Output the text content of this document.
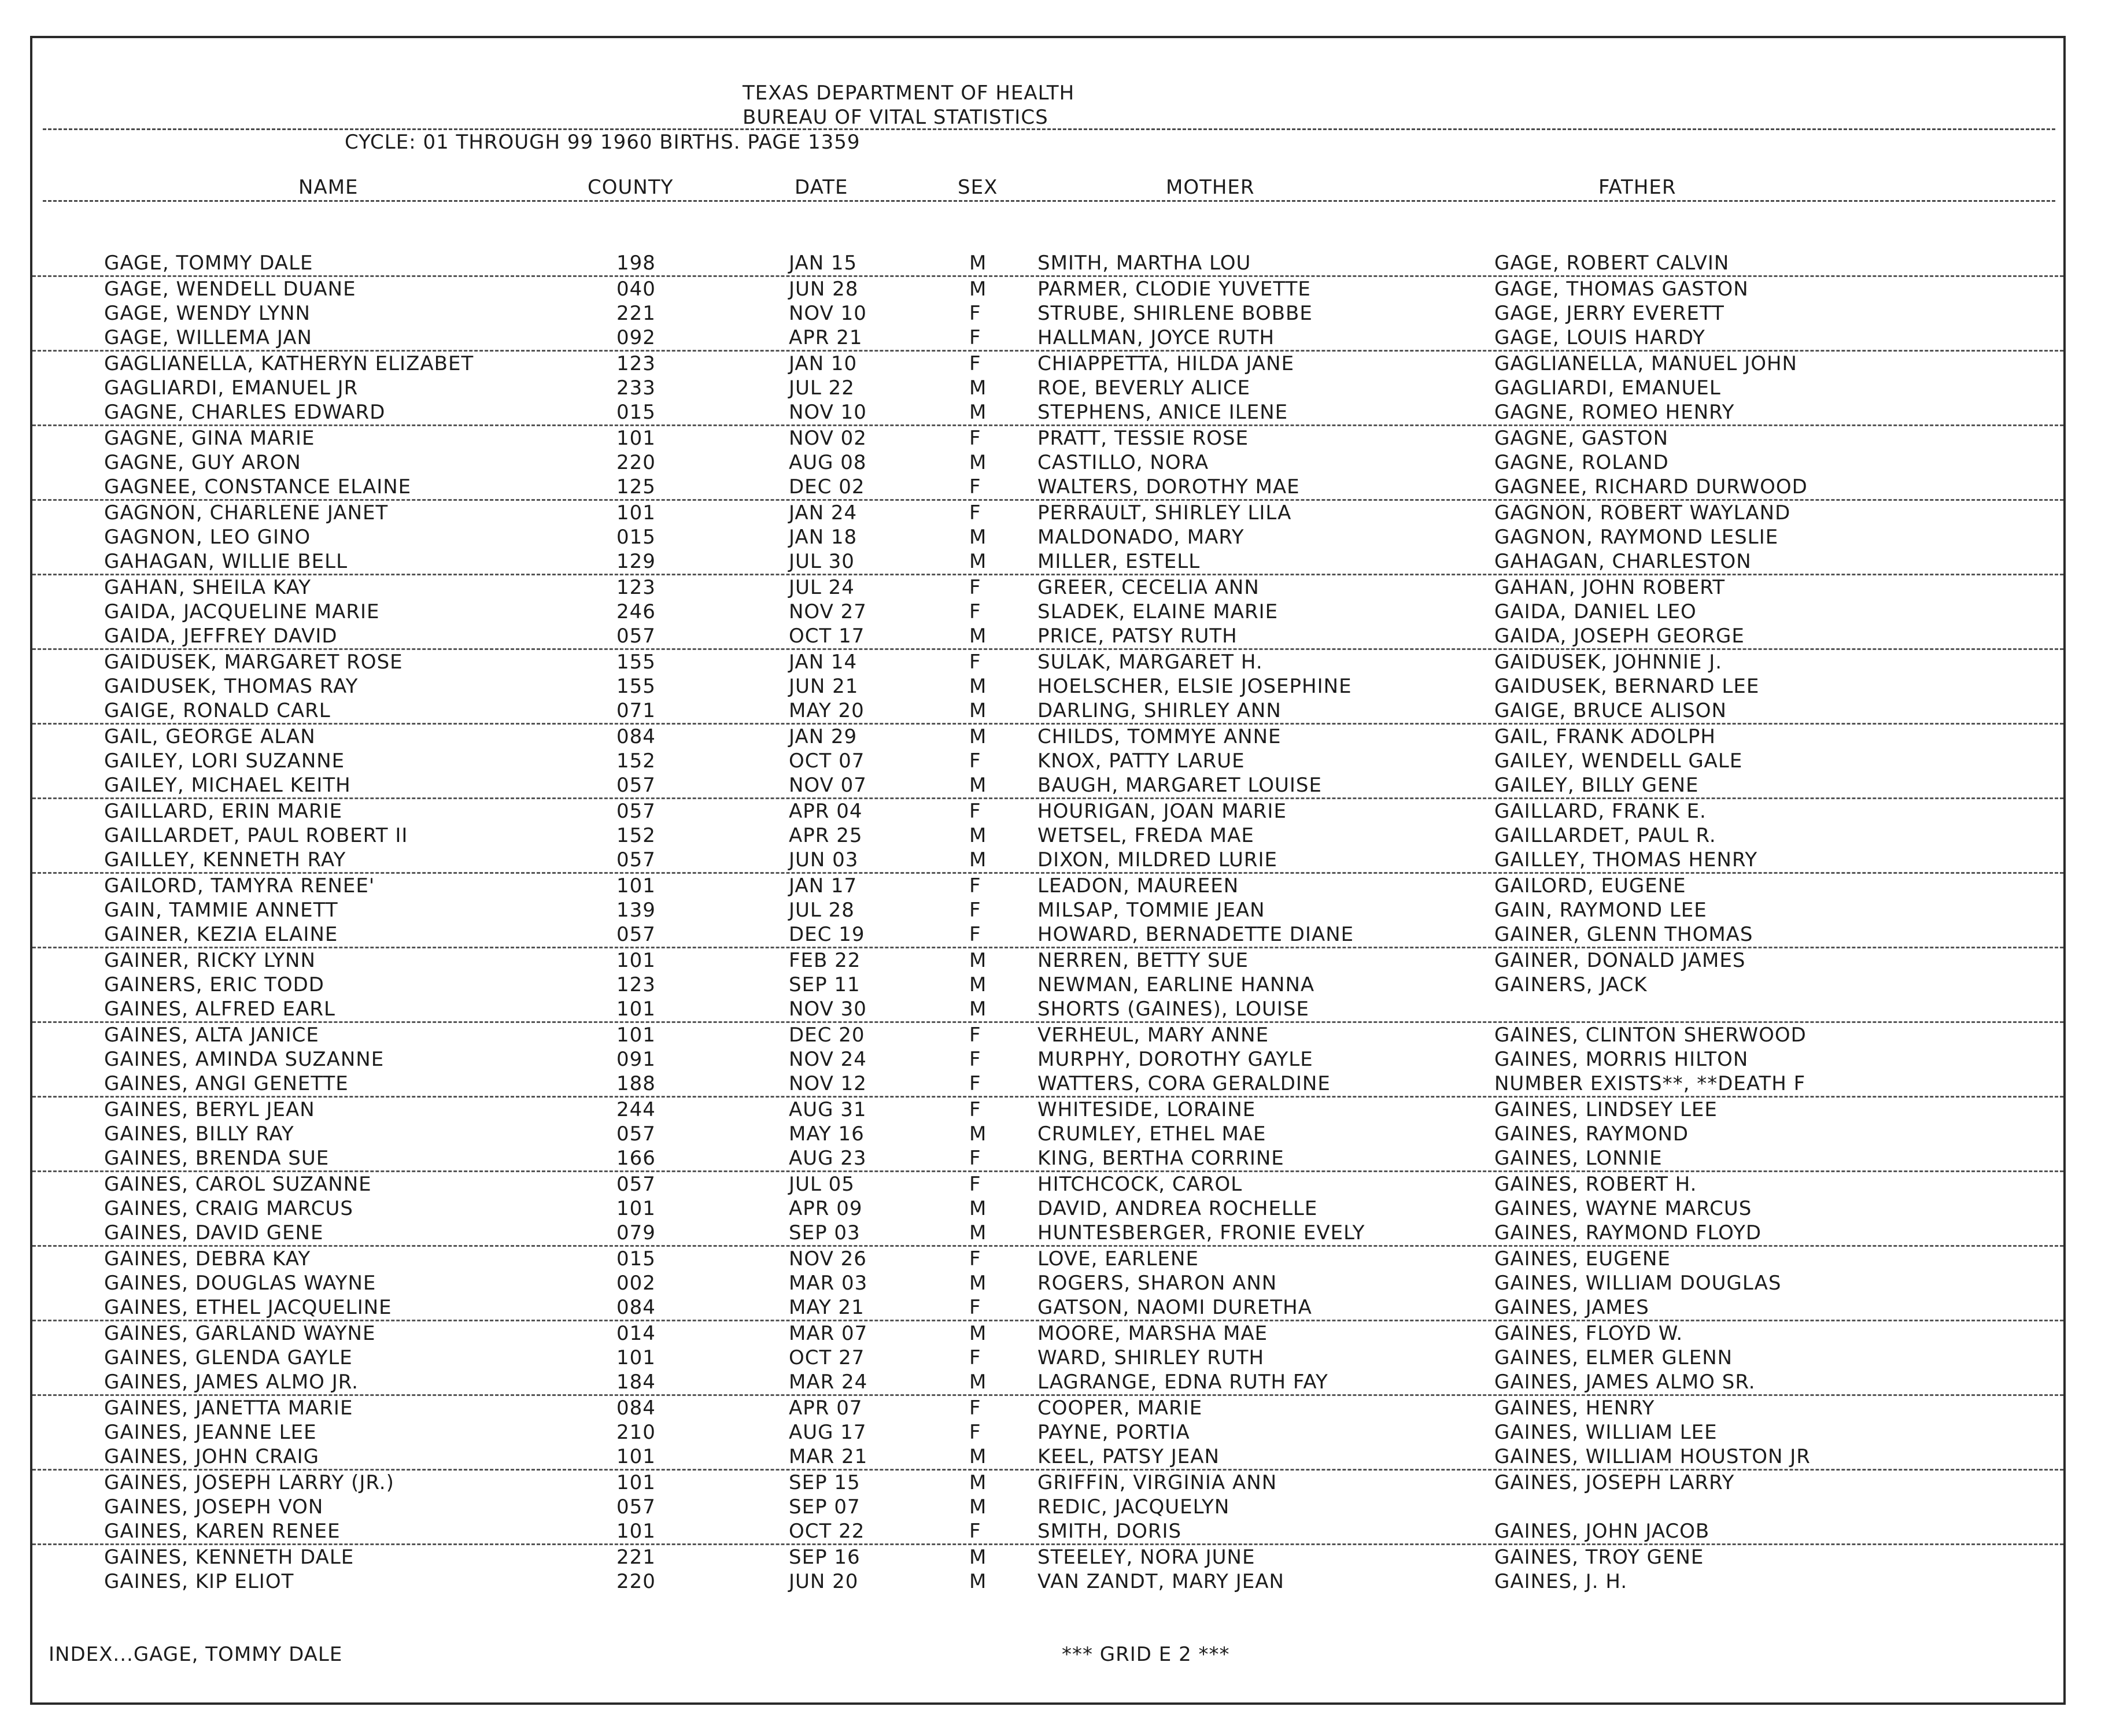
TEXAS DEPARTMENT OF HEALTH
BUREAU OF VITAL STATISTICS
CYCLE: 01 THROUGH 99 1960 BIRTHS. PAGE 1359
NAME	COUNTY	DATE	SEX	MOTHER	FATHER
GAGE, TOMMY DALE	198	JAN 15	M	SMITH, MARTHA LOU	GAGE, ROBERT CALVIN
GAGE, WENDELL DUANE	040	JUN 28	M	PARMER, CLODIE YUVETTE	GAGE, THOMAS GASTON
GAGE, WENDY LYNN	221	NOV 10	F	STRUBE, SHIRLENE BOBBE	GAGE, JERRY EVERETT
GAGE, WILLEMA JAN	092	APR 21	F	HALLMAN, JOYCE RUTH	GAGE, LOUIS HARDY
GAGLIANELLA, KATHERYN ELIZABET	123	JAN 10	F	CHIAPPETTA, HILDA JANE	GAGLIANELLA, MANUEL JOHN
GAGLIARDI, EMANUEL JR	233	JUL 22	M	ROE, BEVERLY ALICE	GAGLIARDI, EMANUEL
GAGNE, CHARLES EDWARD	015	NOV 10	M	STEPHENS, ANICE ILENE	GAGNE, ROMEO HENRY
GAGNE, GINA MARIE	101	NOV 02	F	PRATT, TESSIE ROSE	GAGNE, GASTON
GAGNE, GUY ARON	220	AUG 08	M	CASTILLO, NORA	GAGNE, ROLAND
GAGNEE, CONSTANCE ELAINE	125	DEC 02	F	WALTERS, DOROTHY MAE	GAGNEE, RICHARD DURWOOD
GAGNON, CHARLENE JANET	101	JAN 24	F	PERRAULT, SHIRLEY LILA	GAGNON, ROBERT WAYLAND
GAGNON, LEO GINO	015	JAN 18	M	MALDONADO, MARY	GAGNON, RAYMOND LESLIE
GAHAGAN, WILLIE BELL	129	JUL 30	M	MILLER, ESTELL	GAHAGAN, CHARLESTON
GAHAN, SHEILA KAY	123	JUL 24	F	GREER, CECELIA ANN	GAHAN, JOHN ROBERT
GAIDA, JACQUELINE MARIE	246	NOV 27	F	SLADEK, ELAINE MARIE	GAIDA, DANIEL LEO
GAIDA, JEFFREY DAVID	057	OCT 17	M	PRICE, PATSY RUTH	GAIDA, JOSEPH GEORGE
GAIDUSEK, MARGARET ROSE	155	JAN 14	F	SULAK, MARGARET H.	GAIDUSEK, JOHNNIE J.
GAIDUSEK, THOMAS RAY	155	JUN 21	M	HOELSCHER, ELSIE JOSEPHINE	GAIDUSEK, BERNARD LEE
GAIGE, RONALD CARL	071	MAY 20	M	DARLING, SHIRLEY ANN	GAIGE, BRUCE ALISON
GAIL, GEORGE ALAN	084	JAN 29	M	CHILDS, TOMMYE ANNE	GAIL, FRANK ADOLPH
GAILEY, LORI SUZANNE	152	OCT 07	F	KNOX, PATTY LARUE	GAILEY, WENDELL GALE
GAILEY, MICHAEL KEITH	057	NOV 07	M	BAUGH, MARGARET LOUISE	GAILEY, BILLY GENE
GAILLARD, ERIN MARIE	057	APR 04	F	HOURIGAN, JOAN MARIE	GAILLARD, FRANK E.
GAILLARDET, PAUL ROBERT II	152	APR 25	M	WETSEL, FREDA MAE	GAILLARDET, PAUL R.
GAILLEY, KENNETH RAY	057	JUN 03	M	DIXON, MILDRED LURIE	GAILLEY, THOMAS HENRY
GAILORD, TAMYRA RENEE'	101	JAN 17	F	LEADON, MAUREEN	GAILORD, EUGENE
GAIN, TAMMIE ANNETT	139	JUL 28	F	MILSAP, TOMMIE JEAN	GAIN, RAYMOND LEE
GAINER, KEZIA ELAINE	057	DEC 19	F	HOWARD, BERNADETTE DIANE	GAINER, GLENN THOMAS
GAINER, RICKY LYNN	101	FEB 22	M	NERREN, BETTY SUE	GAINER, DONALD JAMES
GAINERS, ERIC TODD	123	SEP 11	M	NEWMAN, EARLINE HANNA	GAINERS, JACK
GAINES, ALFRED EARL	101	NOV 30	M	SHORTS (GAINES), LOUISE
GAINES, ALTA JANICE	101	DEC 20	F	VERHEUL, MARY ANNE	GAINES, CLINTON SHERWOOD
GAINES, AMINDA SUZANNE	091	NOV 24	F	MURPHY, DOROTHY GAYLE	GAINES, MORRIS HILTON
GAINES, ANGI GENETTE	188	NOV 12	F	WATTERS, CORA GERALDINE	NUMBER EXISTS**, **DEATH F
GAINES, BERYL JEAN	244	AUG 31	F	WHITESIDE, LORAINE	GAINES, LINDSEY LEE
GAINES, BILLY RAY	057	MAY 16	M	CRUMLEY, ETHEL MAE	GAINES, RAYMOND
GAINES, BRENDA SUE	166	AUG 23	F	KING, BERTHA CORRINE	GAINES, LONNIE
GAINES, CAROL SUZANNE	057	JUL 05	F	HITCHCOCK, CAROL	GAINES, ROBERT H.
GAINES, CRAIG MARCUS	101	APR 09	M	DAVID, ANDREA ROCHELLE	GAINES, WAYNE MARCUS
GAINES, DAVID GENE	079	SEP 03	M	HUNTESBERGER, FRONIE EVELY	GAINES, RAYMOND FLOYD
GAINES, DEBRA KAY	015	NOV 26	F	LOVE, EARLENE	GAINES, EUGENE
GAINES, DOUGLAS WAYNE	002	MAR 03	M	ROGERS, SHARON ANN	GAINES, WILLIAM DOUGLAS
GAINES, ETHEL JACQUELINE	084	MAY 21	F	GATSON, NAOMI DURETHA	GAINES, JAMES
GAINES, GARLAND WAYNE	014	MAR 07	M	MOORE, MARSHA MAE	GAINES, FLOYD W.
GAINES, GLENDA GAYLE	101	OCT 27	F	WARD, SHIRLEY RUTH	GAINES, ELMER GLENN
GAINES, JAMES ALMO JR.	184	MAR 24	M	LAGRANGE, EDNA RUTH FAY	GAINES, JAMES ALMO SR.
GAINES, JANETTA MARIE	084	APR 07	F	COOPER, MARIE	GAINES, HENRY
GAINES, JEANNE LEE	210	AUG 17	F	PAYNE, PORTIA	GAINES, WILLIAM LEE
GAINES, JOHN CRAIG	101	MAR 21	M	KEEL, PATSY JEAN	GAINES, WILLIAM HOUSTON JR
GAINES, JOSEPH LARRY (JR.)	101	SEP 15	M	GRIFFIN, VIRGINIA ANN	GAINES, JOSEPH LARRY
GAINES, JOSEPH VON	057	SEP 07	M	REDIC, JACQUELYN
GAINES, KAREN RENEE	101	OCT 22	F	SMITH, DORIS	GAINES, JOHN JACOB
GAINES, KENNETH DALE	221	SEP 16	M	STEELEY, NORA JUNE	GAINES, TROY GENE
GAINES, KIP ELIOT	220	JUN 20	M	VAN ZANDT, MARY JEAN	GAINES, J. H.
INDEX...GAGE, TOMMY DALE	*** GRID E 2 ***
